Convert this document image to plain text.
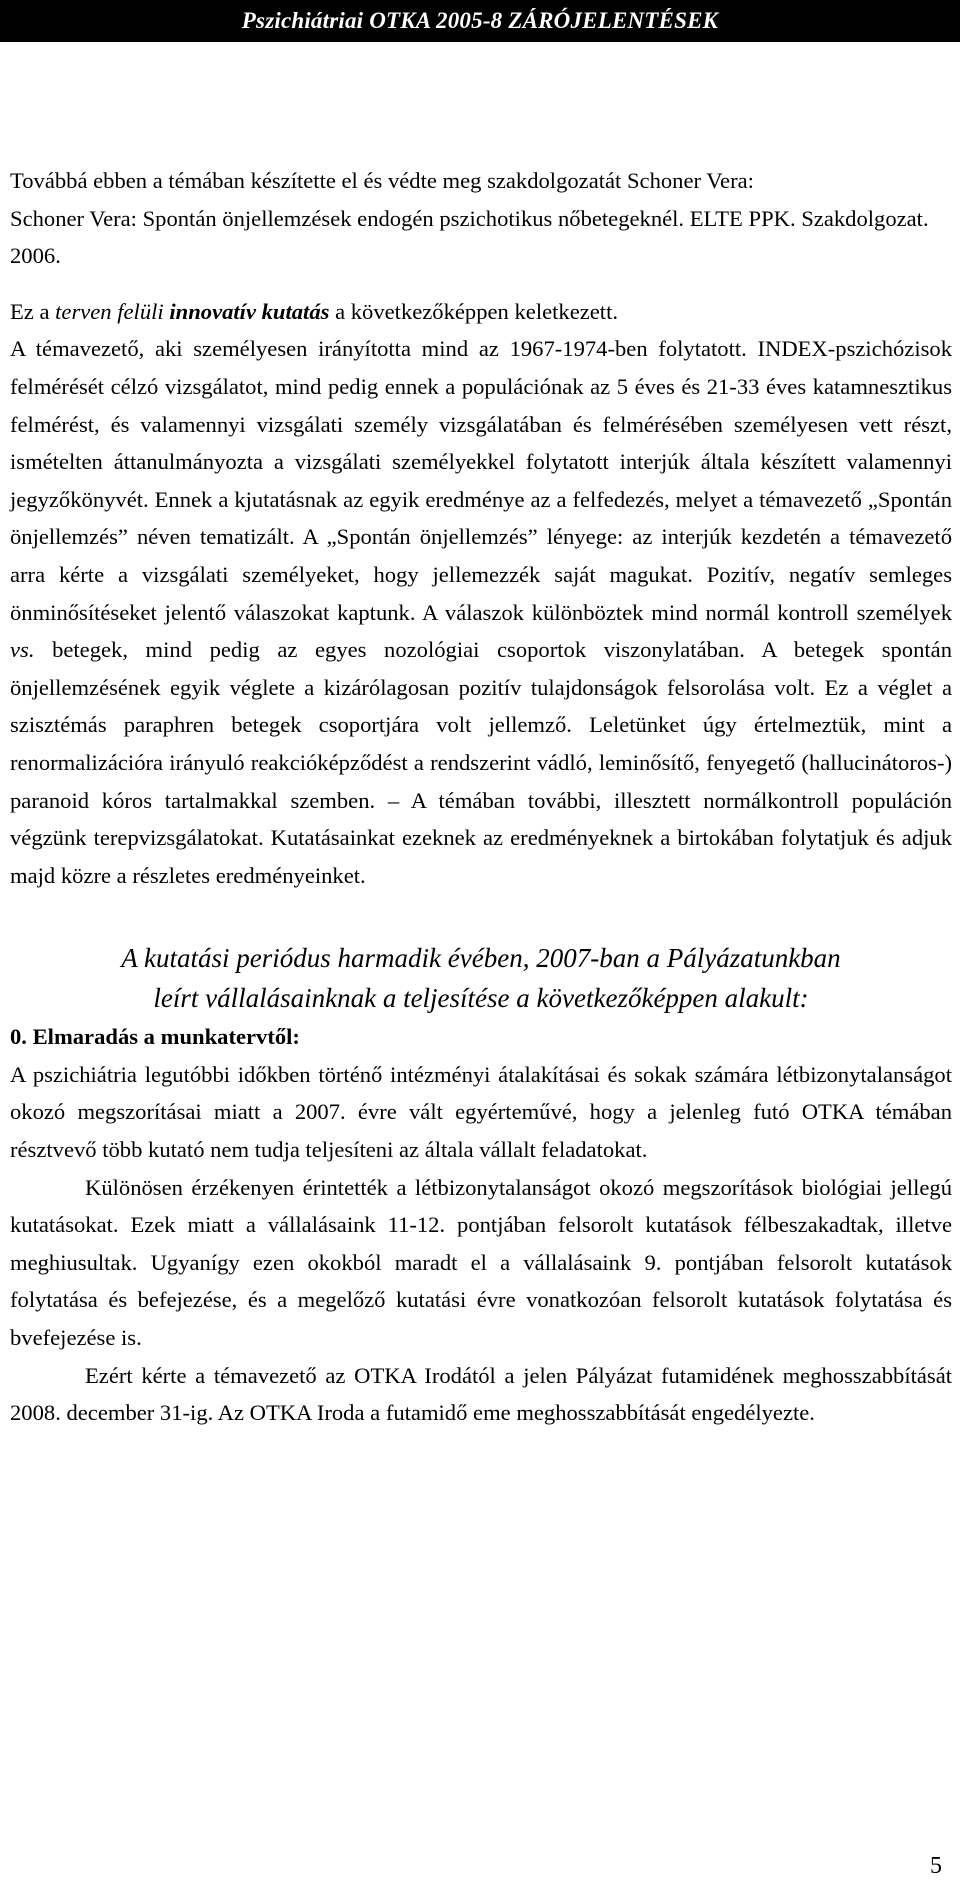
Pszichiátriai OTKA 2005-8 ZÁRÓJELENTÉSEK

Továbbá ebben a témában készítette el és védte meg szakdolgozatát Schoner Vera:

Schoner Vera: Spontán önjellemzések endogén pszichotikus nőbetegeknél. ELTE PPK. Szakdolgozat. 2006.

Ez a terven felüli innovatív kutatás a következőképpen keletkezett.

A témavezető, aki személyesen irányította mind az 1967-1974-ben folytatott. INDEX-pszichózisok felmérését célzó vizsgálatot, mind pedig ennek a populációnak az 5 éves és 21-33 éves katamnesztikus felmérést, és valamennyi vizsgálati személy vizsgálatában és felmérésében személyesen vett részt, ismételten áttanulmányozta a vizsgálati személyekkel folytatott interjúk általa készített valamennyi jegyzőkönyvét. Ennek a kjutatásnak az egyik eredménye az a felfedezés, melyet a témavezető „Spontán önjellemzés” néven tematizált. A „Spontán önjellemzés” lényege: az interjúk kezdetén a témavezető arra kérte a vizsgálati személyeket, hogy jellemezzék saját magukat. Pozitív, negatív semleges önminősítéseket jelentő válaszokat kaptunk. A válaszok különböztek mind normál kontroll személyek vs. betegek, mind pedig az egyes nozológiai csoportok viszonylatában. A betegek spontán önjellemzésének egyik véglete a kizárólagosan pozitív tulajdonságok felsorolása volt. Ez a véglet a szisztémás paraphren betegek csoportjára volt jellemző. Leletünket úgy értelmeztük, mint a renormalizációra irányuló reakcióképződést a rendszerint vádló, leminősítő, fenyegető (hallucinátoros-) paranoid kóros tartalmakkal szemben. – A témában további, illesztett normálkontroll populáción végzünk terepvizsgálatokat. Kutatásainkat ezeknek az eredményeknek a birtokában folytatjuk és adjuk majd közre a részletes eredményeinket.

A kutatási periódus harmadik évében, 2007-ban a Pályázatunkban
leírt vállalásainknak a teljesítése a következőképpen alakult:

0. Elmaradás a munkatervtől:

A pszichiátria legutóbbi időkben történő intézményi átalakításai és sokak számára létbizonytalanságot okozó megszorításai miatt a 2007. évre vált egyérteművé, hogy a jelenleg futó OTKA témában résztvevő több kutató nem tudja teljesíteni az általa vállalt feladatokat.

Különösen érzékenyen érintették a létbizonytalanságot okozó megszorítások biológiai jellegú kutatásokat. Ezek miatt a vállalásaink 11-12. pontjában felsorolt kutatások félbeszakadtak, illetve meghiusultak. Ugyanígy ezen okokból maradt el a vállalásaink 9. pontjában felsorolt kutatások folytatása és befejezése, és a megelőző kutatási évre vonatkozóan felsorolt kutatások folytatása és bvefejezése is.

Ezért kérte a témavezető az OTKA Irodától a jelen Pályázat futamidének meghosszabbítását 2008. december 31-ig. Az OTKA Iroda a futamidő eme meghosszabbítását engedélyezte.

5
